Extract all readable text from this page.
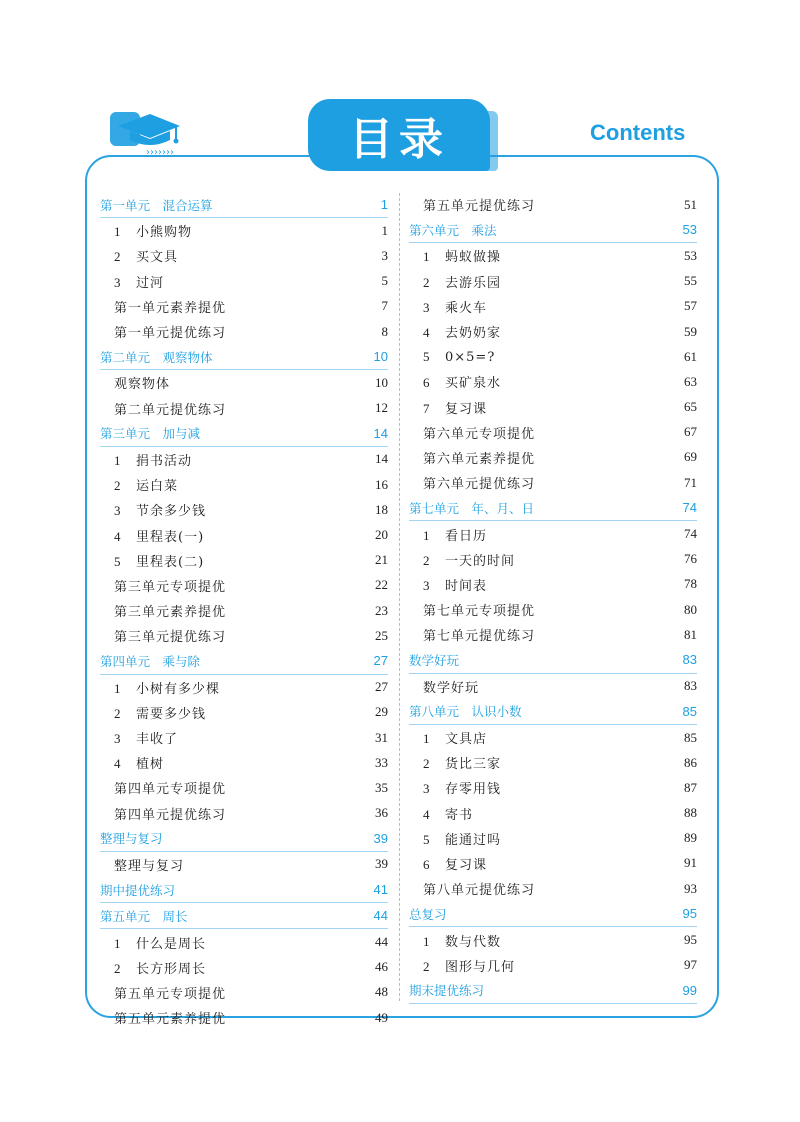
›››››››	目录	Contents
第一单元　混合运算	1
1 小熊购物	1
2 买文具	3
3 过河	5
第一单元素养提优	7
第一单元提优练习	8
第二单元　观察物体	10
观察物体	10
第二单元提优练习	12
第三单元　加与减	14
1 捐书活动	14
2 运白菜	16
3 节余多少钱	18
4 里程表(一)	20
5 里程表(二)	21
第三单元专项提优	22
第三单元素养提优	23
第三单元提优练习	25
第四单元　乘与除	27
1 小树有多少棵	27
2 需要多少钱	29
3 丰收了	31
4 植树	33
第四单元专项提优	35
第四单元提优练习	36
整理与复习	39
整理与复习	39
期中提优练习	41
第五单元　周长	44
1 什么是周长	44
2 长方形周长	46
第五单元专项提优	48
第五单元素养提优	49
第五单元提优练习	51
第六单元　乘法	53
1 蚂蚁做操	53
2 去游乐园	55
3 乘火车	57
4 去奶奶家	59
5 0×5=?	61
6 买矿泉水	63
7 复习课	65
第六单元专项提优	67
第六单元素养提优	69
第六单元提优练习	71
第七单元　年、月、日	74
1 看日历	74
2 一天的时间	76
3 时间表	78
第七单元专项提优	80
第七单元提优练习	81
数学好玩	83
数学好玩	83
第八单元　认识小数	85
1 文具店	85
2 货比三家	86
3 存零用钱	87
4 寄书	88
5 能通过吗	89
6 复习课	91
第八单元提优练习	93
总复习	95
1 数与代数	95
2 图形与几何	97
期末提优练习	99
